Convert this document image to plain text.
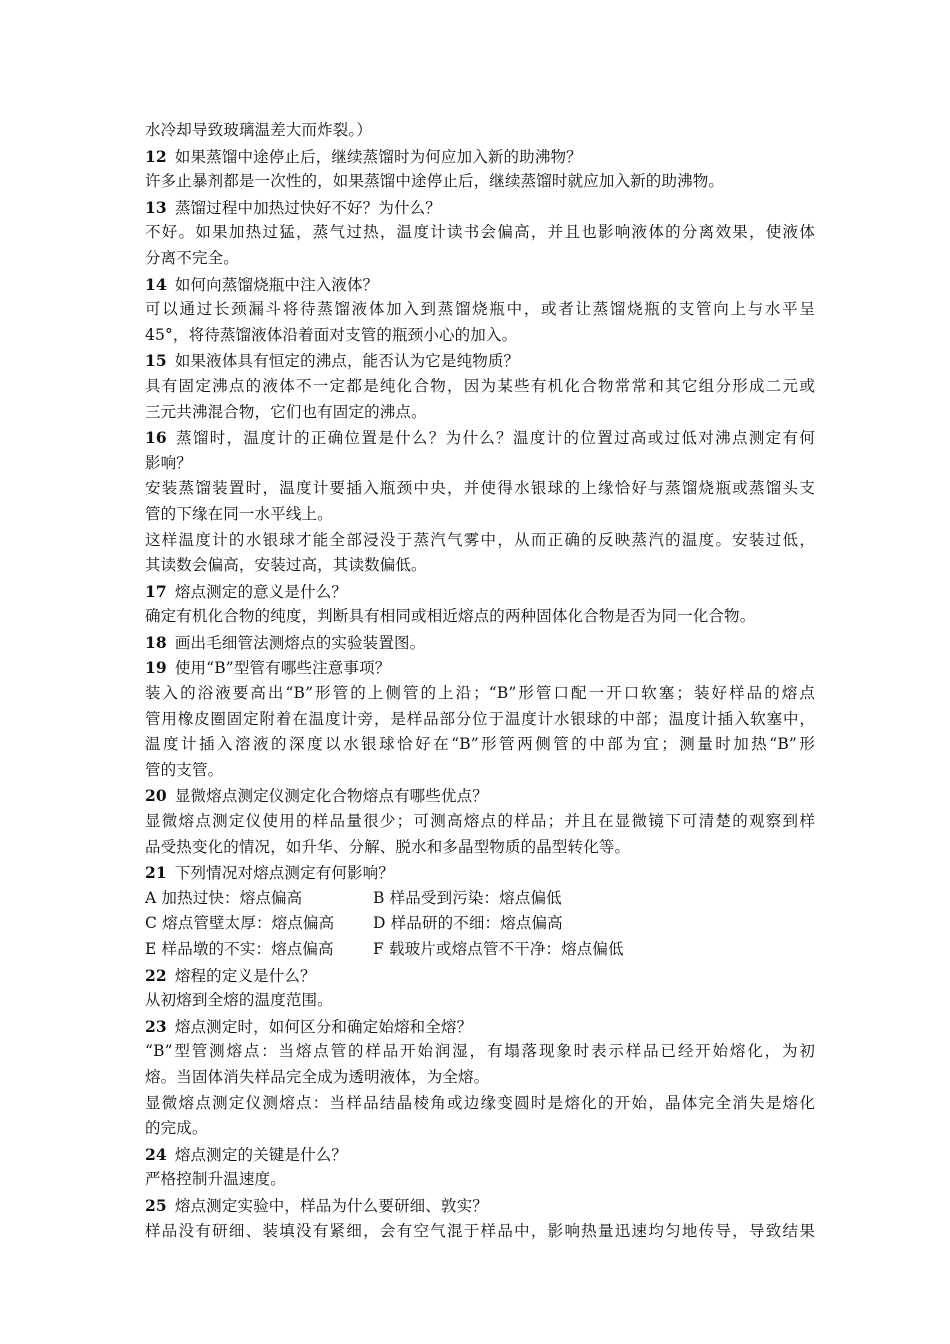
水冷却导致玻璃温差大而炸裂。）
12 如果蒸馏中途停止后，继续蒸馏时为何应加入新的助沸物？
许多止暴剂都是一次性的，如果蒸馏中途停止后，继续蒸馏时就应加入新的助沸物。
13 蒸馏过程中加热过快好不好？为什么？
不好。如果加热过猛，蒸气过热，温度计读书会偏高，并且也影响液体的分离效果，使液体
分离不完全。
14 如何向蒸馏烧瓶中注入液体？
可以通过长颈漏斗将待蒸馏液体加入到蒸馏烧瓶中，或者让蒸馏烧瓶的支管向上与水平呈
45°，将待蒸馏液体沿着面对支管的瓶颈小心的加入。
15 如果液体具有恒定的沸点，能否认为它是纯物质？
具有固定沸点的液体不一定都是纯化合物，因为某些有机化合物常常和其它组分形成二元或
三元共沸混合物，它们也有固定的沸点。
16 蒸馏时，温度计的正确位置是什么？为什么？温度计的位置过高或过低对沸点测定有何
影响？
安装蒸馏装置时，温度计要插入瓶颈中央，并使得水银球的上缘恰好与蒸馏烧瓶或蒸馏头支
管的下缘在同一水平线上。
这样温度计的水银球才能全部浸没于蒸汽气雾中，从而正确的反映蒸汽的温度。安装过低，
其读数会偏高，安装过高，其读数偏低。
17 熔点测定的意义是什么？
确定有机化合物的纯度，判断具有相同或相近熔点的两种固体化合物是否为同一化合物。
18 画出毛细管法测熔点的实验装置图。
19 使用“B”型管有哪些注意事项？
装入的浴液要高出“B”形管的上侧管的上沿；“B”形管口配一开口软塞；装好样品的熔点
管用橡皮圈固定附着在温度计旁，是样品部分位于温度计水银球的中部；温度计插入软塞中，
温度计插入溶液的深度以水银球恰好在“B”形管两侧管的中部为宜；测量时加热“B”形
管的支管。
20 显微熔点测定仪测定化合物熔点有哪些优点？
显微熔点测定仪使用的样品量很少；可测高熔点的样品；并且在显微镜下可清楚的观察到样
品受热变化的情况，如升华、分解、脱水和多晶型物质的晶型转化等。
21 下列情况对熔点测定有何影响？
A 加热过快：熔点偏高	B 样品受到污染：熔点偏低
C 熔点管壁太厚：熔点偏高	D 样品研的不细：熔点偏高
E 样品墩的不实：熔点偏高	F 载玻片或熔点管不干净：熔点偏低
22 熔程的定义是什么？
从初熔到全熔的温度范围。
23 熔点测定时，如何区分和确定始熔和全熔？
“B”型管测熔点：当熔点管的样品开始润湿，有塌落现象时表示样品已经开始熔化，为初
熔。当固体消失样品完全成为透明液体，为全熔。
显微熔点测定仪测熔点：当样品结晶棱角或边缘变圆时是熔化的开始，晶体完全消失是熔化
的完成。
24 熔点测定的关键是什么？
严格控制升温速度。
25 熔点测定实验中，样品为什么要研细、敦实？
样品没有研细、装填没有紧细，会有空气混于样品中，影响热量迅速均匀地传导，导致结果
